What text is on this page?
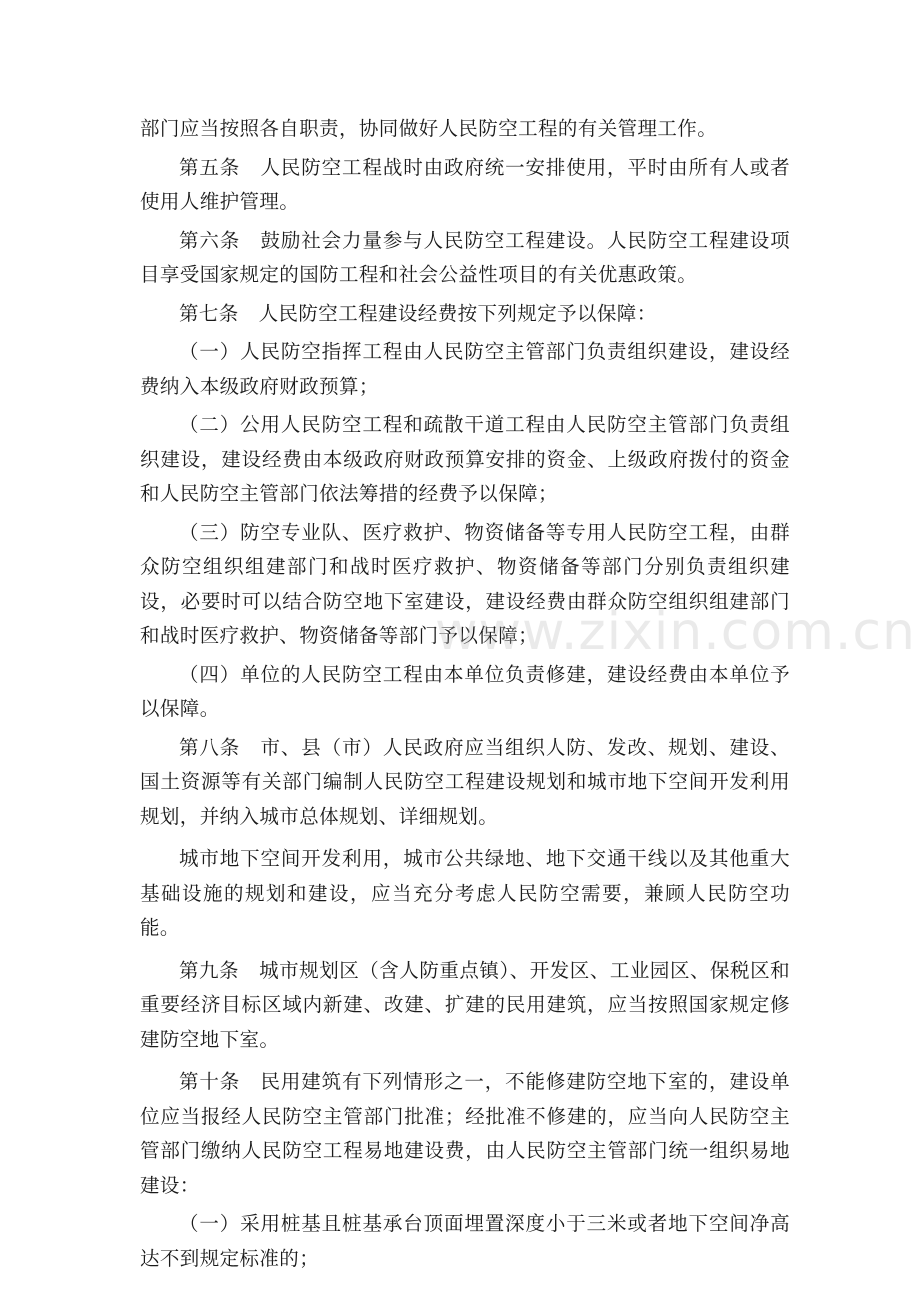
部门应当按照各自职责，协同做好人民防空工程的有关管理工作。

第五条　人民防空工程战时由政府统一安排使用，平时由所有人或者使用人维护管理。

第六条　鼓励社会力量参与人民防空工程建设。人民防空工程建设项目享受国家规定的国防工程和社会公益性项目的有关优惠政策。

第七条　人民防空工程建设经费按下列规定予以保障：

（一）人民防空指挥工程由人民防空主管部门负责组织建设，建设经费纳入本级政府财政预算；

（二）公用人民防空工程和疏散干道工程由人民防空主管部门负责组织建设，建设经费由本级政府财政预算安排的资金、上级政府拨付的资金和人民防空主管部门依法筹措的经费予以保障；

（三）防空专业队、医疗救护、物资储备等专用人民防空工程，由群众防空组织组建部门和战时医疗救护、物资储备等部门分别负责组织建设，必要时可以结合防空地下室建设，建设经费由群众防空组织组建部门和战时医疗救护、物资储备等部门予以保障；

（四）单位的人民防空工程由本单位负责修建，建设经费由本单位予以保障。

第八条　市、县（市）人民政府应当组织人防、发改、规划、建设、国土资源等有关部门编制人民防空工程建设规划和城市地下空间开发利用规划，并纳入城市总体规划、详细规划。

城市地下空间开发利用，城市公共绿地、地下交通干线以及其他重大基础设施的规划和建设，应当充分考虑人民防空需要，兼顾人民防空功能。

第九条　城市规划区（含人防重点镇）、开发区、工业园区、保税区和重要经济目标区域内新建、改建、扩建的民用建筑，应当按照国家规定修建防空地下室。

第十条　民用建筑有下列情形之一，不能修建防空地下室的，建设单位应当报经人民防空主管部门批准；经批准不修建的，应当向人民防空主管部门缴纳人民防空工程易地建设费，由人民防空主管部门统一组织易地建设：

（一）采用桩基且桩基承台顶面埋置深度小于三米或者地下空间净高达不到规定标准的；

www.zixin.com.cn
